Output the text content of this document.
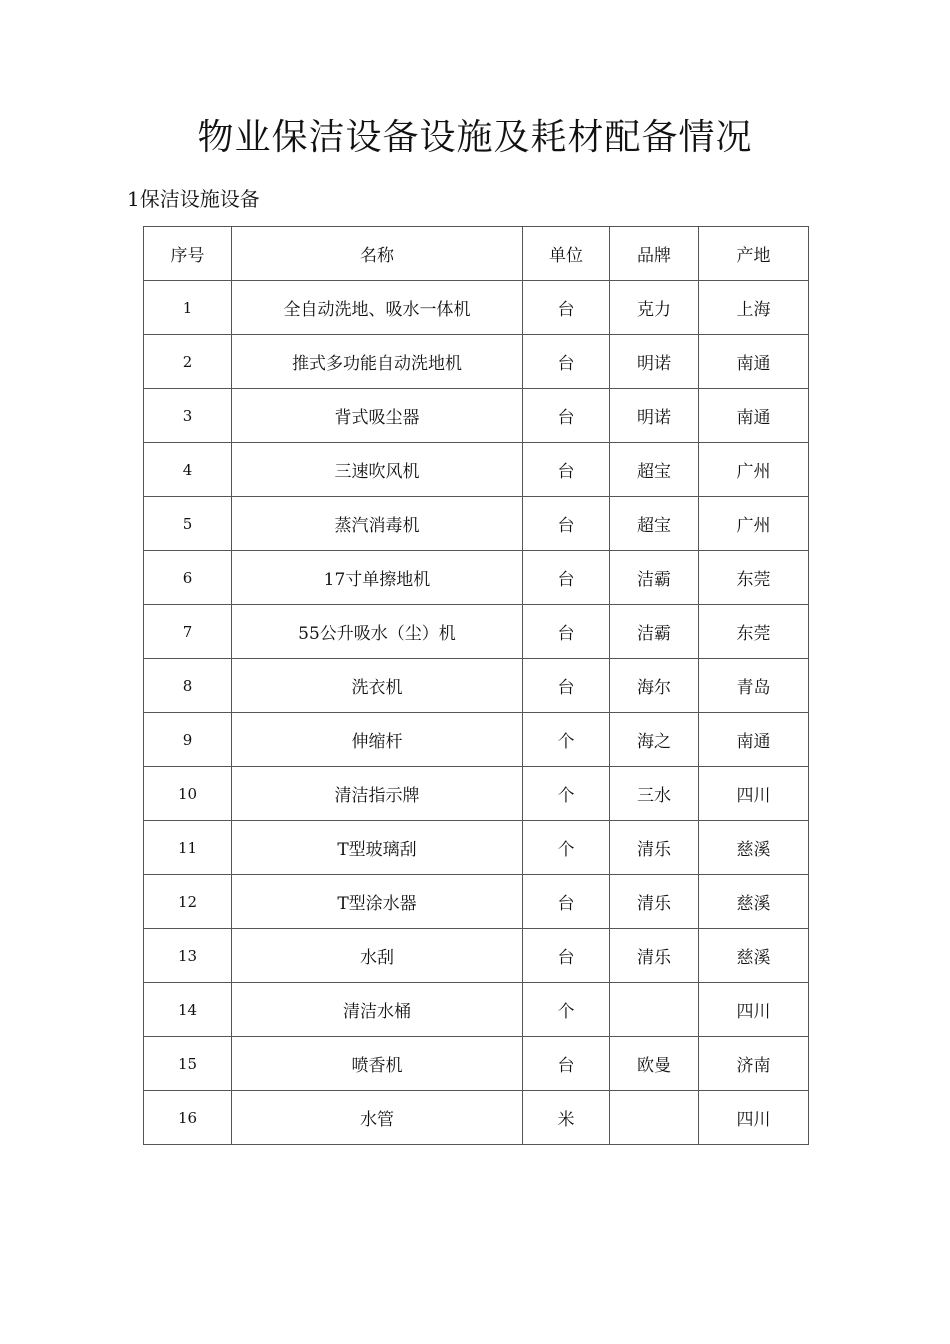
物业保洁设备设施及耗材配备情况
1保洁设施设备
序号	名称	单位	品牌	产地
1	全自动洗地、吸水一体机	台	克力	上海
2	推式多功能自动洗地机	台	明诺	南通
3	背式吸尘器	台	明诺	南通
4	三速吹风机	台	超宝	广州
5	蒸汽消毒机	台	超宝	广州
6	17寸单擦地机	台	洁霸	东莞
7	55公升吸水（尘）机	台	洁霸	东莞
8	洗衣机	台	海尔	青岛
9	伸缩杆	个	海之	南通
10	清洁指示牌	个	三水	四川
11	T型玻璃刮	个	清乐	慈溪
12	T型涂水器	台	清乐	慈溪
13	水刮	台	清乐	慈溪
14	清洁水桶	个		四川
15	喷香机	台	欧曼	济南
16	水管	米		四川
